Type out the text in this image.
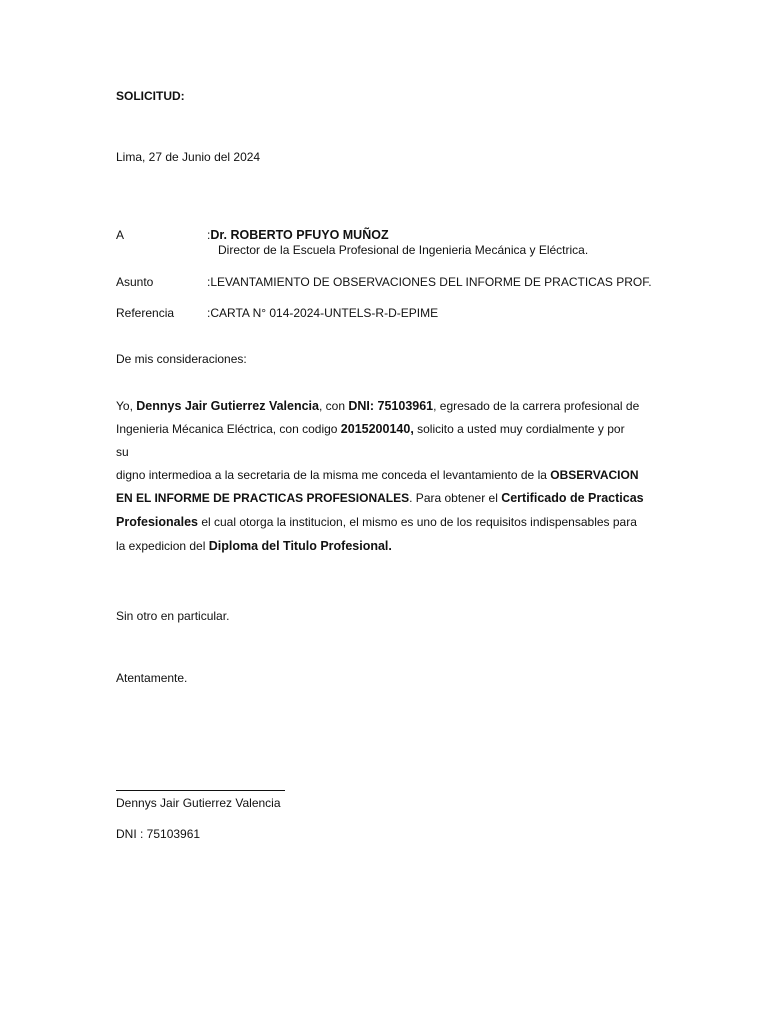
SOLICITUD:
Lima, 27 de Junio del 2024
A	:Dr. ROBERTO PFUYO MUÑOZ
Director de la Escuela Profesional de Ingenieria Mecánica y Eléctrica.
Asunto	:LEVANTAMIENTO DE OBSERVACIONES DEL INFORME DE PRACTICAS PROF.
Referencia	:CARTA N° 014-2024-UNTELS-R-D-EPIME
De mis consideraciones:
Yo, Dennys Jair Gutierrez Valencia, con DNI: 75103961, egresado de la carrera profesional de
Ingenieria Mécanica Eléctrica, con codigo 2015200140, solicito a usted muy cordialmente y por
su
digno intermedioa a la secretaria de la misma me conceda el levantamiento de la OBSERVACION
EN EL INFORME DE PRACTICAS PROFESIONALES. Para obtener el Certificado de Practicas
Profesionales el cual otorga la institucion, el mismo es uno de los requisitos indispensables para
la expedicion del Diploma del Titulo Profesional.
Sin otro en particular.
Atentamente.
Dennys Jair Gutierrez Valencia
DNI : 75103961
